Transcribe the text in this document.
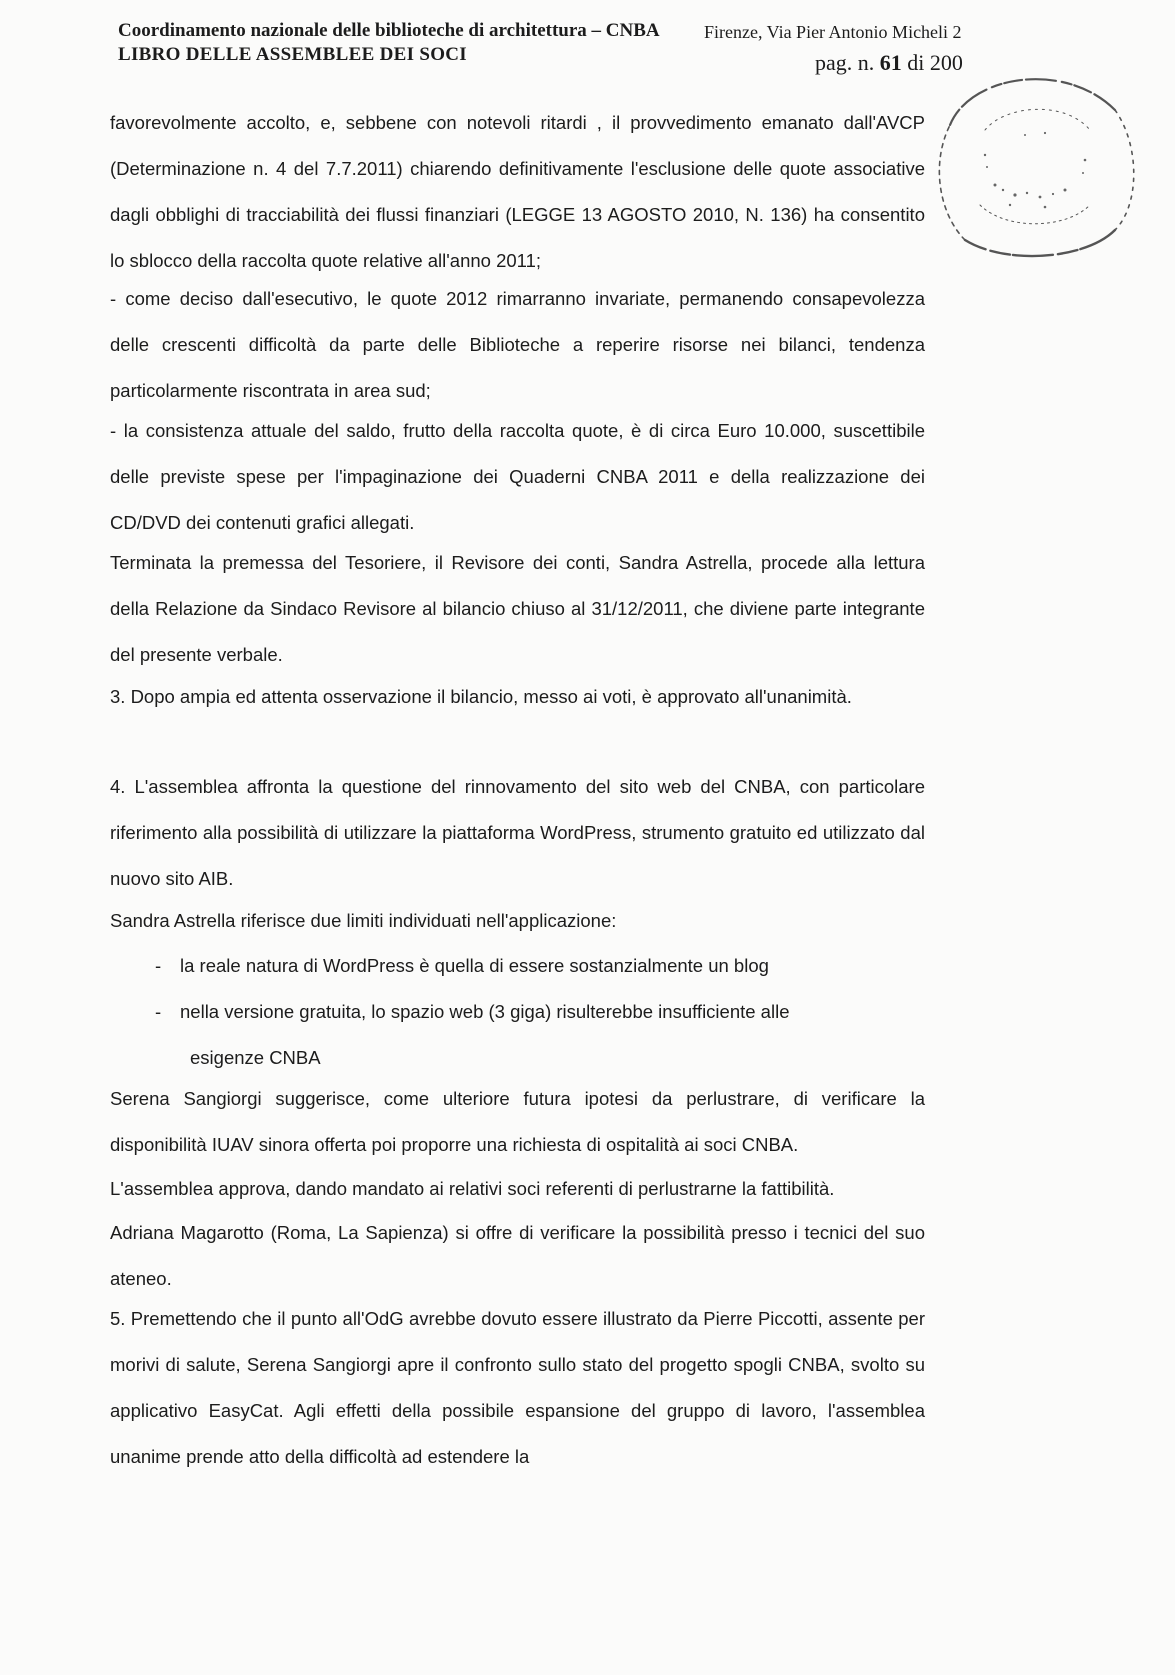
Coordinamento nazionale delle biblioteche di architettura – CNBA Firenze, Via Pier Antonio Micheli 2
LIBRO DELLE ASSEMBLEE DEI SOCI	pag. n. 61 di 200

favorevolmente accolto, e, sebbene con notevoli ritardi , il provvedimento emanato dall'AVCP (Determinazione n. 4 del 7.7.2011) chiarendo definitivamente l'esclusione delle quote associative dagli obblighi di tracciabilità dei flussi finanziari (LEGGE 13 AGOSTO 2010, N. 136) ha consentito lo sblocco della raccolta quote relative all'anno 2011;

- come deciso dall'esecutivo, le quote 2012 rimarranno invariate, permanendo consapevolezza delle crescenti difficoltà da parte delle Biblioteche a reperire risorse nei bilanci, tendenza particolarmente riscontrata in area sud;

- la consistenza attuale del saldo, frutto della raccolta quote, è di circa Euro 10.000, suscettibile delle previste spese per l'impaginazione dei Quaderni CNBA 2011 e della realizzazione dei CD/DVD dei contenuti grafici allegati.

Terminata la premessa del Tesoriere, il Revisore dei conti, Sandra Astrella, procede alla lettura della Relazione da Sindaco Revisore al bilancio chiuso al 31/12/2011, che diviene parte integrante del presente verbale.

3. Dopo ampia ed attenta osservazione il bilancio, messo ai voti, è approvato all'unanimità.

4. L'assemblea affronta la questione del rinnovamento del sito web del CNBA, con particolare riferimento alla possibilità di utilizzare la piattaforma WordPress, strumento gratuito ed utilizzato dal nuovo sito AIB.

Sandra Astrella riferisce due limiti individuati nell'applicazione:

-	la reale natura di WordPress è quella di essere sostanzialmente un blog
-	nella versione gratuita, lo spazio web (3 giga) risulterebbe insufficiente alle
esigenze CNBA

Serena Sangiorgi suggerisce, come ulteriore futura ipotesi da perlustrare, di verificare la disponibilità IUAV sinora offerta poi proporre una richiesta di ospitalità ai soci CNBA.

L'assemblea approva, dando mandato ai relativi soci referenti di perlustrarne la fattibilità.

Adriana Magarotto (Roma, La Sapienza) si offre di verificare la possibilità presso i tecnici del suo ateneo.

5. Premettendo che il punto all'OdG avrebbe dovuto essere illustrato da Pierre Piccotti, assente per morivi di salute, Serena Sangiorgi apre il confronto sullo stato del progetto spogli CNBA, svolto su applicativo EasyCat. Agli effetti della possibile espansione del gruppo di lavoro, l'assemblea unanime prende atto della difficoltà ad estendere la
